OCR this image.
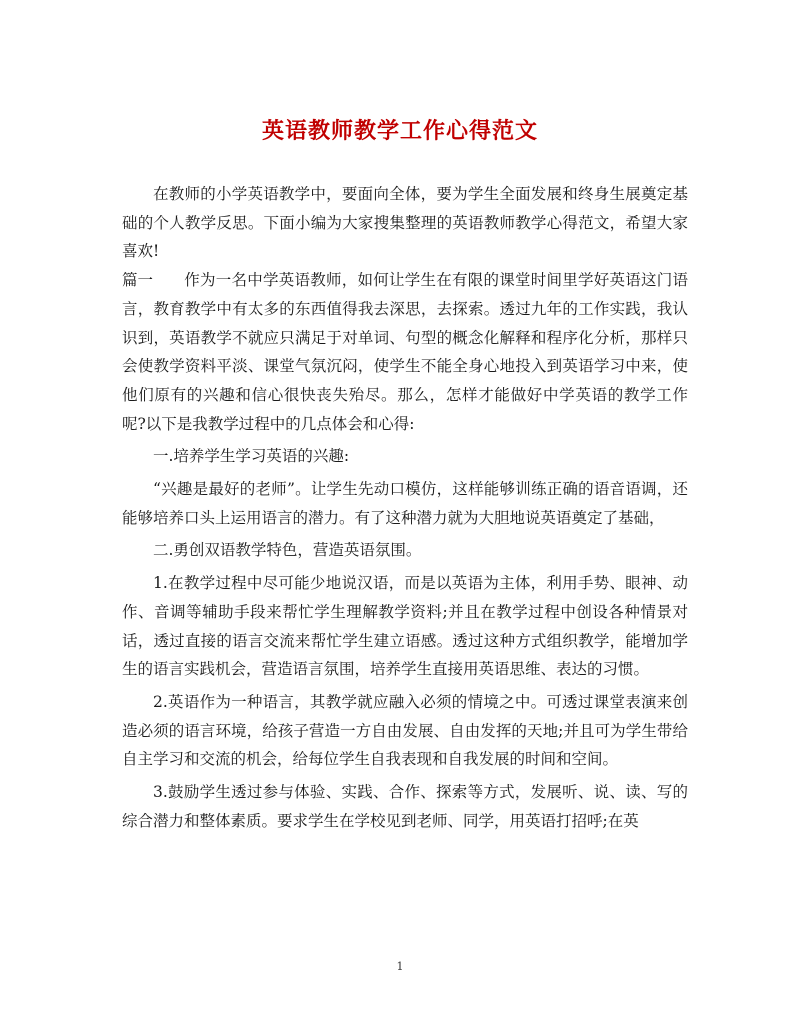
英语教师教学工作心得范文

在教师的小学英语教学中，要面向全体，要为学生全面发展和终身生展奠定基础的个人教学反思。下面小编为大家搜集整理的英语教师教学心得范文，希望大家喜欢!

篇一 作为一名中学英语教师，如何让学生在有限的课堂时间里学好英语这门语言，教育教学中有太多的东西值得我去深思，去探索。透过九年的工作实践，我认识到，英语教学不就应只满足于对单词、句型的概念化解释和程序化分析，那样只会使教学资料平淡、课堂气氛沉闷，使学生不能全身心地投入到英语学习中来，使他们原有的兴趣和信心很快丧失殆尽。那么，怎样才能做好中学英语的教学工作呢?以下是我教学过程中的几点体会和心得:

一.培养学生学习英语的兴趣:

“兴趣是最好的老师”。让学生先动口模仿，这样能够训练正确的语音语调，还能够培养口头上运用语言的潜力。有了这种潜力就为大胆地说英语奠定了基础，

二.勇创双语教学特色，营造英语氛围。

1.在教学过程中尽可能少地说汉语，而是以英语为主体，利用手势、眼神、动作、音调等辅助手段来帮忙学生理解教学资料;并且在教学过程中创设各种情景对话，透过直接的语言交流来帮忙学生建立语感。透过这种方式组织教学，能增加学生的语言实践机会，营造语言氛围，培养学生直接用英语思维、表达的习惯。

2.英语作为一种语言，其教学就应融入必须的情境之中。可透过课堂表演来创造必须的语言环境，给孩子营造一方自由发展、自由发挥的天地;并且可为学生带给自主学习和交流的机会，给每位学生自我表现和自我发展的时间和空间。

3.鼓励学生透过参与体验、实践、合作、探索等方式，发展听、说、读、写的综合潜力和整体素质。要求学生在学校见到老师、同学，用英语打招呼;在英

1
